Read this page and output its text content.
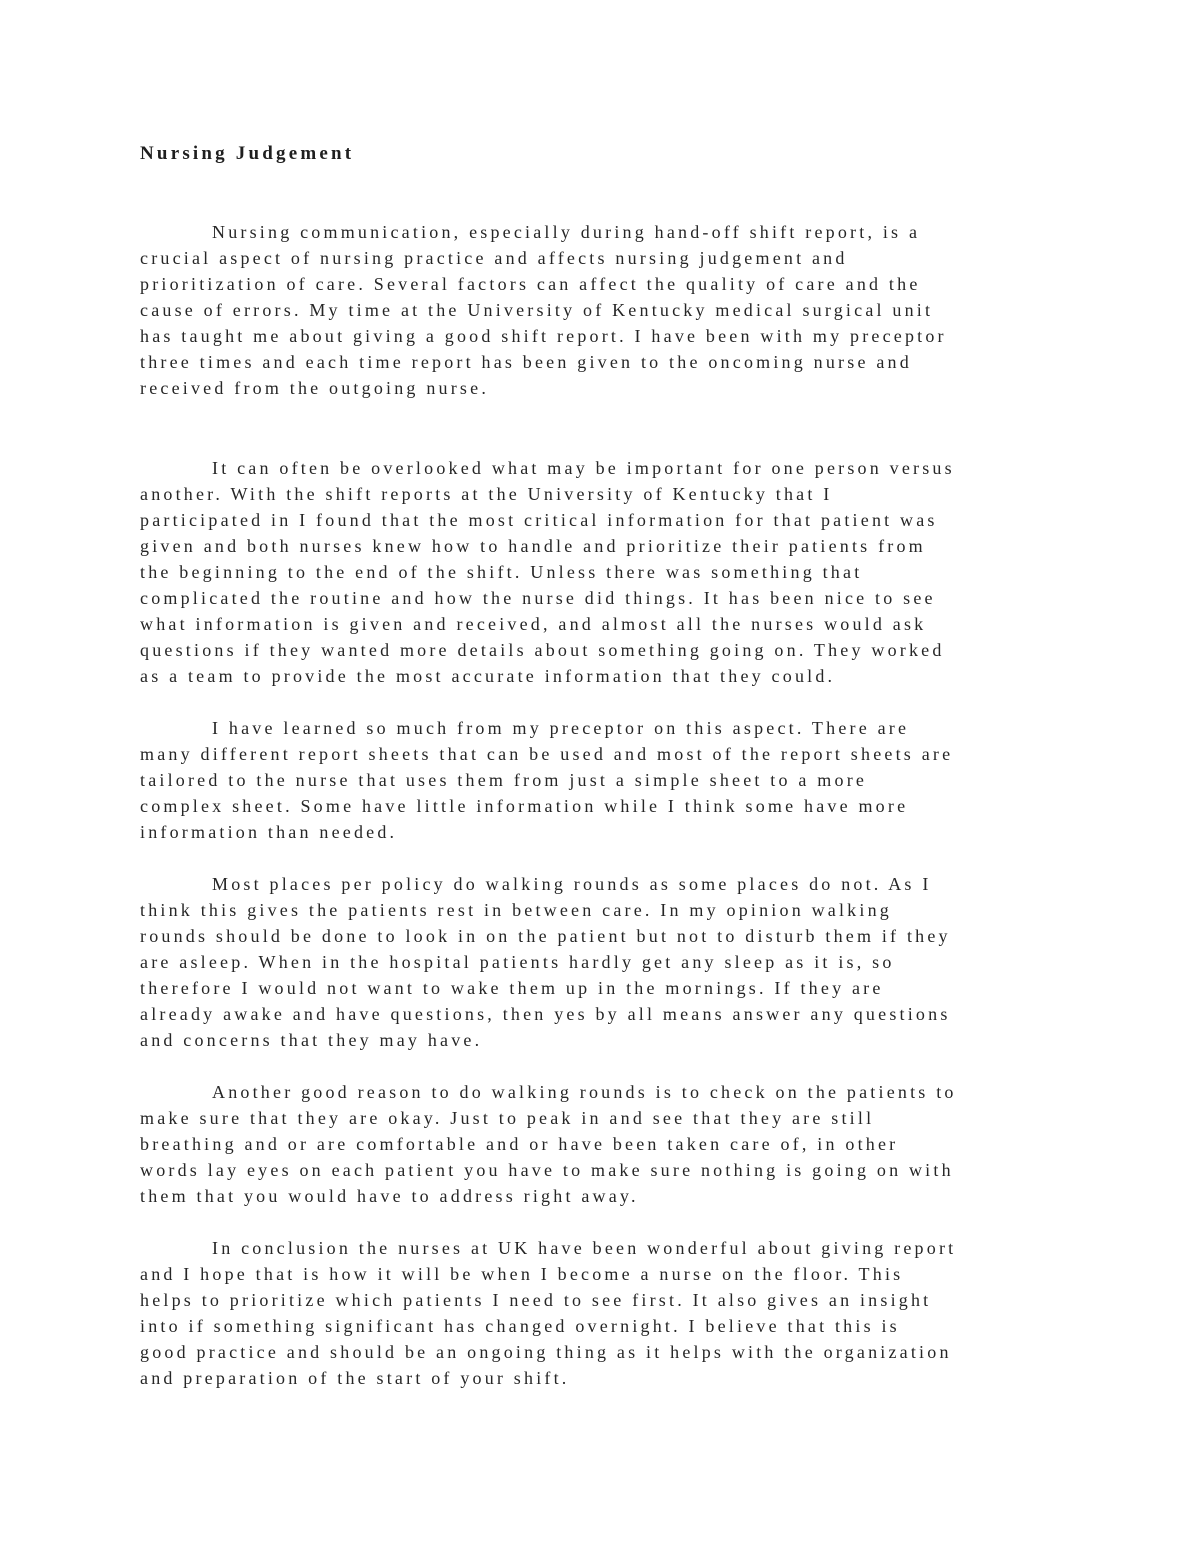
Nursing Judgement

Nursing communication, especially during hand-off shift report, is a
crucial aspect of nursing practice and affects nursing judgement and
prioritization of care. Several factors can affect the quality of care and the
cause of errors. My time at the University of Kentucky medical surgical unit
has taught me about giving a good shift report. I have been with my preceptor
three times and each time report has been given to the oncoming nurse and
received from the outgoing nurse.

It can often be overlooked what may be important for one person versus
another. With the shift reports at the University of Kentucky that I
participated in I found that the most critical information for that patient was
given and both nurses knew how to handle and prioritize their patients from
the beginning to the end of the shift. Unless there was something that
complicated the routine and how the nurse did things. It has been nice to see
what information is given and received, and almost all the nurses would ask
questions if they wanted more details about something going on. They worked
as a team to provide the most accurate information that they could.

I have learned so much from my preceptor on this aspect. There are
many different report sheets that can be used and most of the report sheets are
tailored to the nurse that uses them from just a simple sheet to a more
complex sheet. Some have little information while I think some have more
information than needed.

Most places per policy do walking rounds as some places do not. As I
think this gives the patients rest in between care. In my opinion walking
rounds should be done to look in on the patient but not to disturb them if they
are asleep. When in the hospital patients hardly get any sleep as it is, so
therefore I would not want to wake them up in the mornings. If they are
already awake and have questions, then yes by all means answer any questions
and concerns that they may have.

Another good reason to do walking rounds is to check on the patients to
make sure that they are okay. Just to peak in and see that they are still
breathing and or are comfortable and or have been taken care of, in other
words lay eyes on each patient you have to make sure nothing is going on with
them that you would have to address right away.

In conclusion the nurses at UK have been wonderful about giving report
and I hope that is how it will be when I become a nurse on the floor. This
helps to prioritize which patients I need to see first. It also gives an insight
into if something significant has changed overnight. I believe that this is
good practice and should be an ongoing thing as it helps with the organization
and preparation of the start of your shift.
